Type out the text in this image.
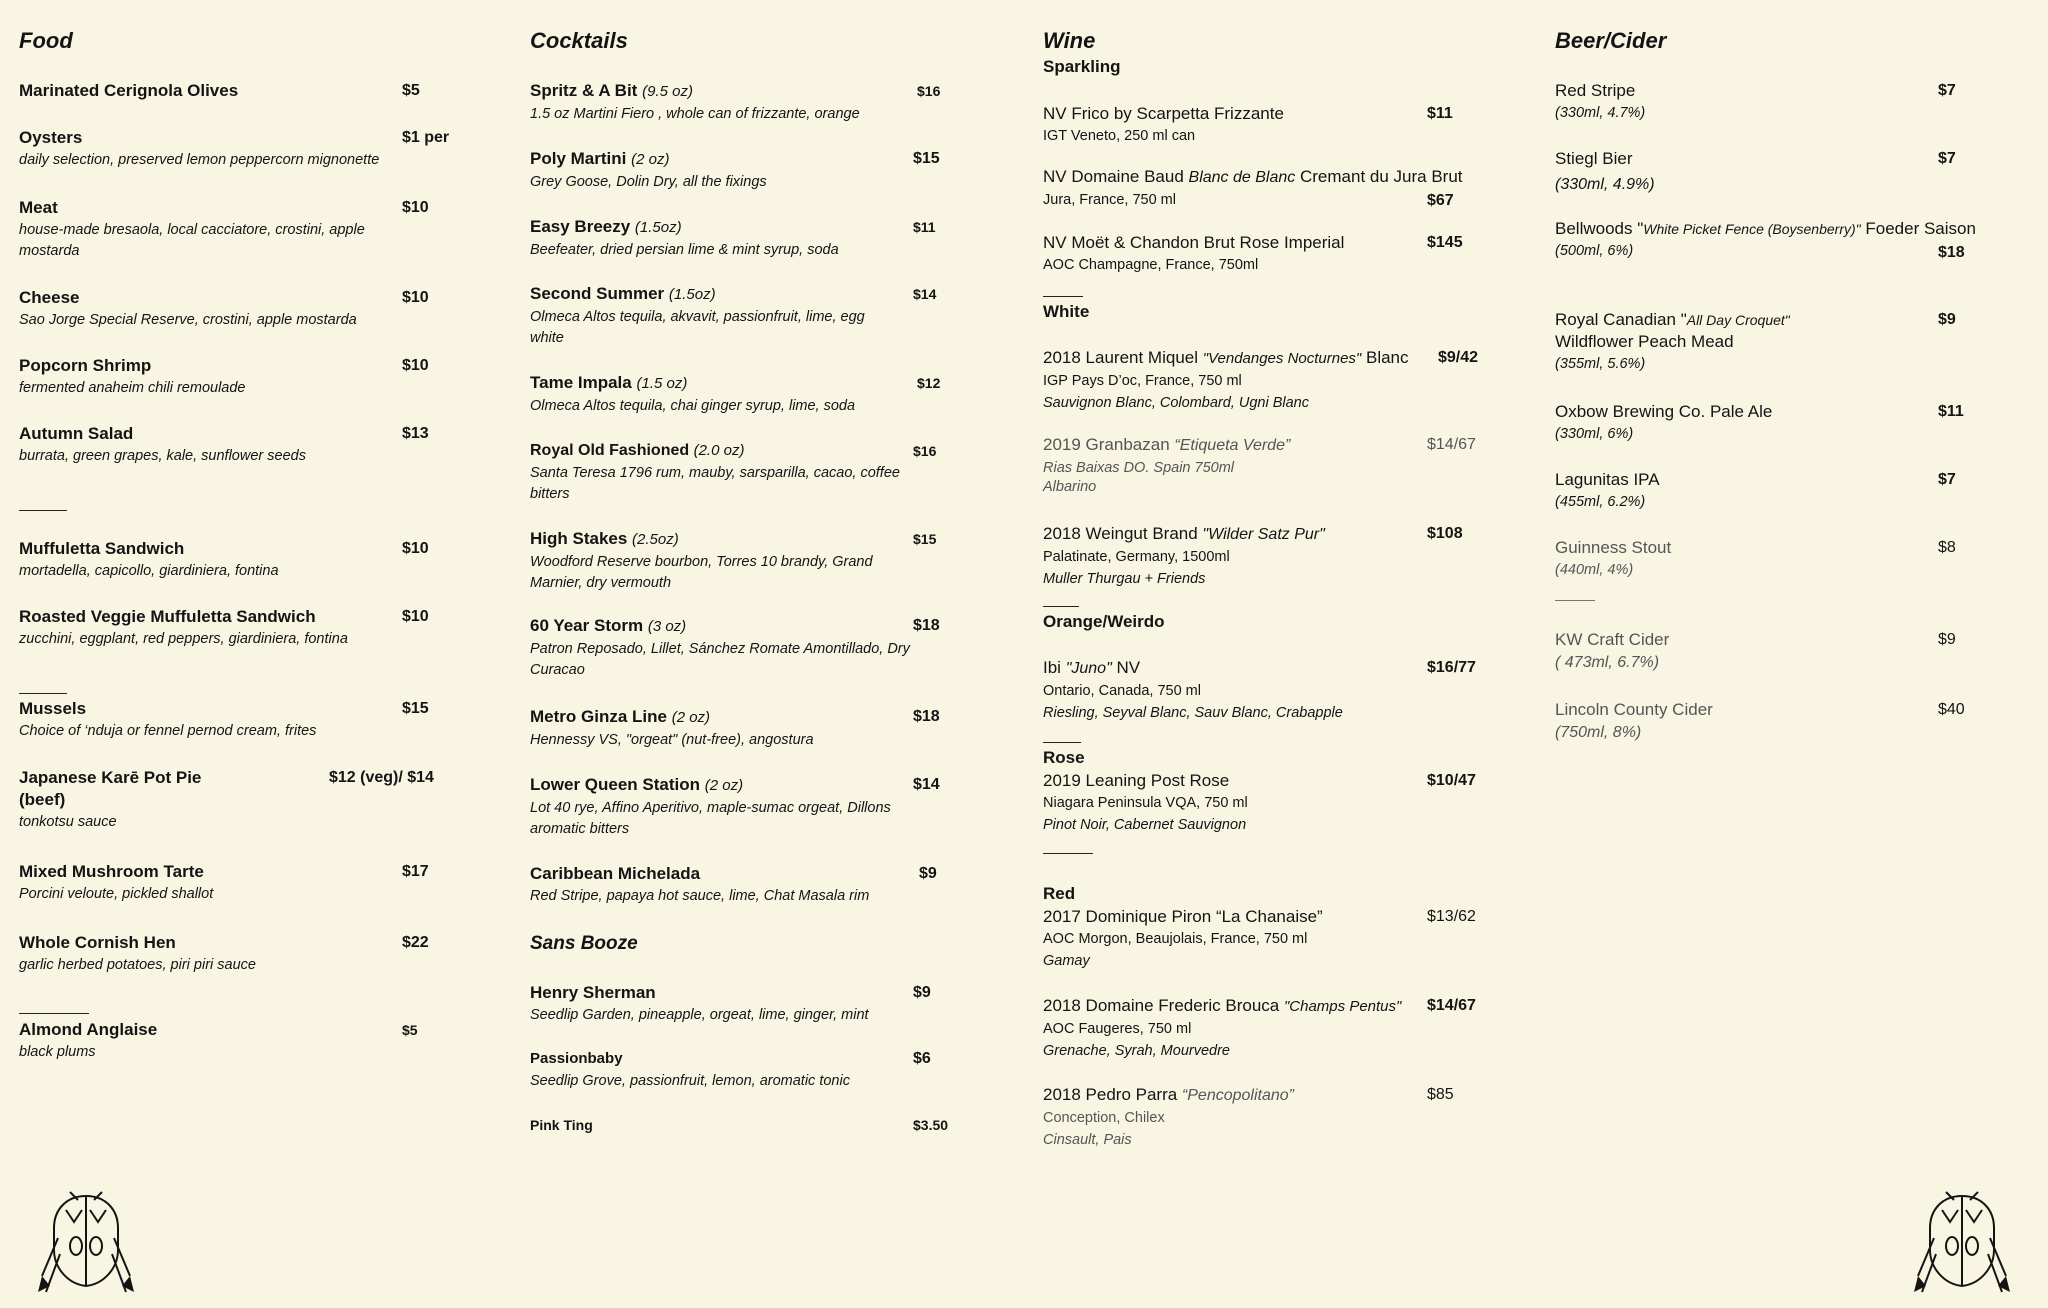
Food
Marinated Cerignola Olives	$5
Oysters	$1 per
daily selection, preserved lemon peppercorn mignonette
Meat	$10
house-made bresaola, local cacciatore, crostini, apple mostarda
Cheese	$10
Sao Jorge Special Reserve, crostini, apple mostarda
Popcorn Shrimp	$10
fermented anaheim chili remoulade
Autumn Salad	$13
burrata, green grapes, kale, sunflower seeds
Muffuletta Sandwich	$10
mortadella, capicollo, giardiniera, fontina
Roasted Veggie Muffuletta Sandwich	$10
zucchini, eggplant, red peppers, giardiniera, fontina
Mussels	$15
Choice of ‘nduja or fennel pernod cream, frites
Japanese Karē Pot Pie (beef)
$12 (veg)/ $14
tonkotsu sauce
Mixed Mushroom Tarte	$17
Porcini veloute, pickled shallot
Whole Cornish Hen	$22
garlic herbed potatoes, piri piri sauce
Almond Anglaise	$5
black plums
Cocktails
Spritz & A Bit (9.5 oz)	$16
1.5 oz Martini Fiero , whole can of frizzante, orange
Poly Martini (2 oz)	$15
Grey Goose, Dolin Dry, all the fixings
Easy Breezy (1.5oz)	$11
Beefeater, dried persian lime & mint syrup, soda
Second Summer (1.5oz)	$14
Olmeca Altos tequila, akvavit, passionfruit, lime, egg white
Tame Impala (1.5 oz)	$12
Olmeca Altos tequila, chai ginger syrup, lime, soda
Royal Old Fashioned (2.0 oz)	$16
Santa Teresa 1796 rum, mauby, sarsparilla, cacao, coffee bitters
High Stakes (2.5oz)	$15
Woodford Reserve bourbon, Torres 10 brandy, Grand Marnier, dry vermouth
60 Year Storm (3 oz)	$18
Patron Reposado, Lillet, Sánchez Romate Amontillado, Dry Curacao
Metro Ginza Line (2 oz)	$18
Hennessy VS, "orgeat" (nut-free), angostura
Lower Queen Station (2 oz)	$14
Lot 40 rye, Affino Aperitivo, maple-sumac orgeat, Dillons aromatic bitters
Caribbean Michelada	$9
Red Stripe, papaya hot sauce, lime, Chat Masala rim
Sans Booze
Henry Sherman	$9
Seedlip Garden, pineapple, orgeat, lime, ginger, mint
Passionbaby	$6
Seedlip Grove, passionfruit, lemon, aromatic tonic
Pink Ting	$3.50
Wine
Sparkling
NV Frico by Scarpetta Frizzante	$11
IGT Veneto, 250 ml can
NV Domaine Baud Blanc de Blanc Cremant du Jura Brut
Jura, France, 750 ml	$67
NV Moët & Chandon Brut Rose Imperial	$145
AOC Champagne, France, 750ml
White
2018 Laurent Miquel "Vendanges Nocturnes" Blanc	$9/42
IGP Pays D’oc, France, 750 ml
Sauvignon Blanc, Colombard, Ugni Blanc
2019 Granbazan “Etiqueta Verde”	$14/67
Rias Baixas DO. Spain 750ml
Albarino
2018 Weingut Brand "Wilder Satz Pur"	$108
Palatinate, Germany, 1500ml
Muller Thurgau + Friends
Orange/Weirdo
Ibi "Juno" NV	$16/77
Ontario, Canada, 750 ml
Riesling, Seyval Blanc, Sauv Blanc, Crabapple
Rose
2019 Leaning Post Rose	$10/47
Niagara Peninsula VQA, 750 ml
Pinot Noir, Cabernet Sauvignon
Red
2017 Dominique Piron “La Chanaise”	$13/62
AOC Morgon, Beaujolais, France, 750 ml
Gamay
2018 Domaine Frederic Brouca "Champs Pentus"	$14/67
AOC Faugeres, 750 ml
Grenache, Syrah, Mourvedre
2018 Pedro Parra “Pencopolitano”	$85
Conception, Chilex
Cinsault, Pais
Beer/Cider
Red Stripe	$7
(330ml, 4.7%)
Stiegl Bier	$7
(330ml, 4.9%)
Bellwoods "White Picket Fence (Boysenberry)" Foeder Saison
$18
(500ml, 6%)
Royal Canadian "All Day Croquet" Wildflower Peach Mead
$9
(355ml, 5.6%)
Oxbow Brewing Co. Pale Ale	$11
(330ml, 6%)
Lagunitas IPA	$7
(455ml, 6.2%)
Guinness Stout	$8
(440ml, 4%)
KW Craft Cider	$9
( 473ml, 6.7%)
Lincoln County Cider	$40
(750ml, 8%)
